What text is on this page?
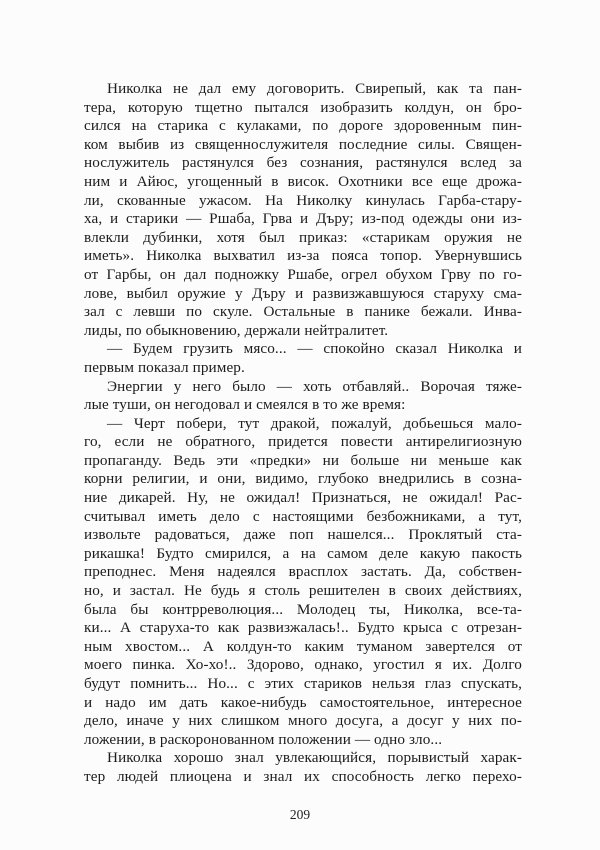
Николка не дал ему договорить. Свирепый, как та пан-
тера, которую тщетно пытался изобразить колдун, он бро-
сился на старика с кулаками, по дороге здоровенным пин-
ком выбив из священнослужителя последние силы. Священ-
нослужитель растянулся без сознания, растянулся вслед за
ним и Айюс, угощенный в висок. Охотники все еще дрожа-
ли, скованные ужасом. На Николку кинулась Гарба-стару-
ха, и старики — Ршаба, Грва и Дъру; из-под одежды они из-
влекли дубинки, хотя был приказ: «старикам оружия не
иметь». Николка выхватил из-за пояса топор. Увернувшись
от Гарбы, он дал подножку Ршабе, огрел обухом Грву по го-
лове, выбил оружие у Дъру и развизжавшуюся старуху сма-
зал с левши по скуле. Остальные в панике бежали. Инва-
лиды, по обыкновению, держали нейтралитет.
— Будем грузить мясо... — спокойно сказал Николка и
первым показал пример.
Энергии у него было — хоть отбавляй.. Ворочая тяже-
лые туши, он негодовал и смеялся в то же время:
— Черт побери, тут дракой, пожалуй, добьешься мало-
го, если не обратного, придется повести антирелигиозную
пропаганду. Ведь эти «предки» ни больше ни меньше как
корни религии, и они, видимо, глубоко внедрились в созна-
ние дикарей. Ну, не ожидал! Признаться, не ожидал! Рас-
считывал иметь дело с настоящими безбожниками, а тут,
извольте радоваться, даже поп нашелся... Проклятый ста-
рикашка! Будто смирился, а на самом деле какую пакость
преподнес. Меня надеялся врасплох застать. Да, собствен-
но, и застал. Не будь я столь решителен в своих действиях,
была бы контрреволюция... Молодец ты, Николка, все-та-
ки... А старуха-то как развизжалась!.. Будто крыса с отрезан-
ным хвостом... А колдун-то каким туманом завертелся от
моего пинка. Хо-хо!.. Здорово, однако, угостил я их. Долго
будут помнить... Но... с этих стариков нельзя глаз спускать,
и надо им дать какое-нибудь самостоятельное, интересное
дело, иначе у них слишком много досуга, а досуг у них по-
ложении, в раскоронованном положении — одно зло...
Николка хорошо знал увлекающийся, порывистый харак-
тер людей плиоцена и знал их способность легко перехо-
209
